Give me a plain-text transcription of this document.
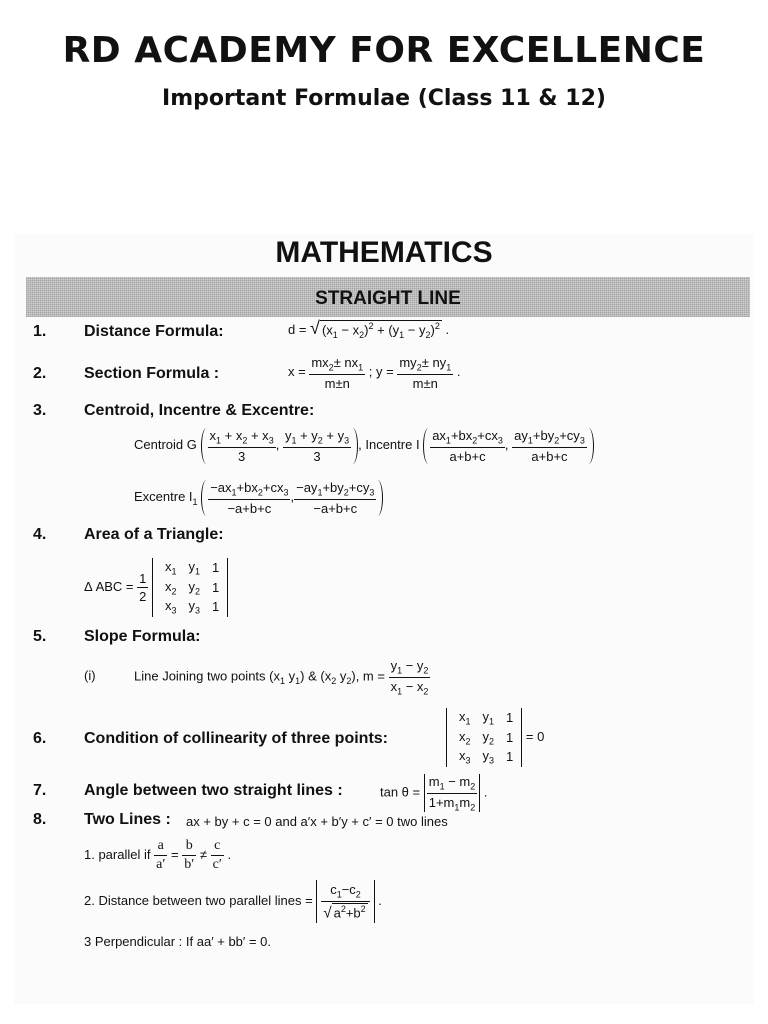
RD ACADEMY FOR EXCELLENCE
Important Formulae (Class 11 & 12)
MATHEMATICS
STRAIGHT LINE
1. Distance Formula:	d = √ $(x_1 - x_2)^2 + (y_1 - y_2)^2$ .
2. Section Formula :	$x = \frac{mx_2\pm nx_1}{m\pm n}$ ; $y = \frac{my_2\pm ny_1}{m\pm n}$ .
3. Centroid, Incentre & Excentre:
Centroid G $\frac{x_1 + x_2 + x_3}{3}$ , $\frac{y_1 + y_2 + y_3}{3}$ , Incentre I $\frac{ax_1+bx_2+cx_3}{a+b+c}$ , $\frac{ay_1+by_2+cy_3}{a+b+c}$
Excentre $I_1 \frac{-ax_1+bx_2+cx_3}{-a+b+c}$ , $\frac{-ay_1+by_2+cy_3}{-a+b+c}$
4. Area of a Triangle:
Δ ABC = $\frac{1}{2}$

$x_1$	$y_1$	1
$x_2$	$y_2$	1
$x_3$	$y_3$	1
5. Slope Formula:
(i)	Line Joining two points ($x_1$ $y_1$) & ($x_2$ $y_2$), $m = \frac{y_1 - y_2}{x_1 - x_2}$
6. Condition of collinearity of three points:
$x_1$	$y_1$	1
$x_2$	$y_2$	1
$x_3$	$y_3$	1
= 0
7. Angle between two straight lines :	$\tan \theta = \frac{m_1 - m_2}{1+m_1m_2}$ .
8. Two Lines : ax + by + c = 0 and a′x + b′y + c′ = 0 two lines
1. parallel if $\frac{a}{a'} = \frac{b}{b'} \ne \frac{c}{c'}$ .
2. Distance between two parallel lines = $\frac{c_1-c_2}{√ a^2+b^2}$ .
3 Perpendicular : If aa′ + bb′ = 0.
